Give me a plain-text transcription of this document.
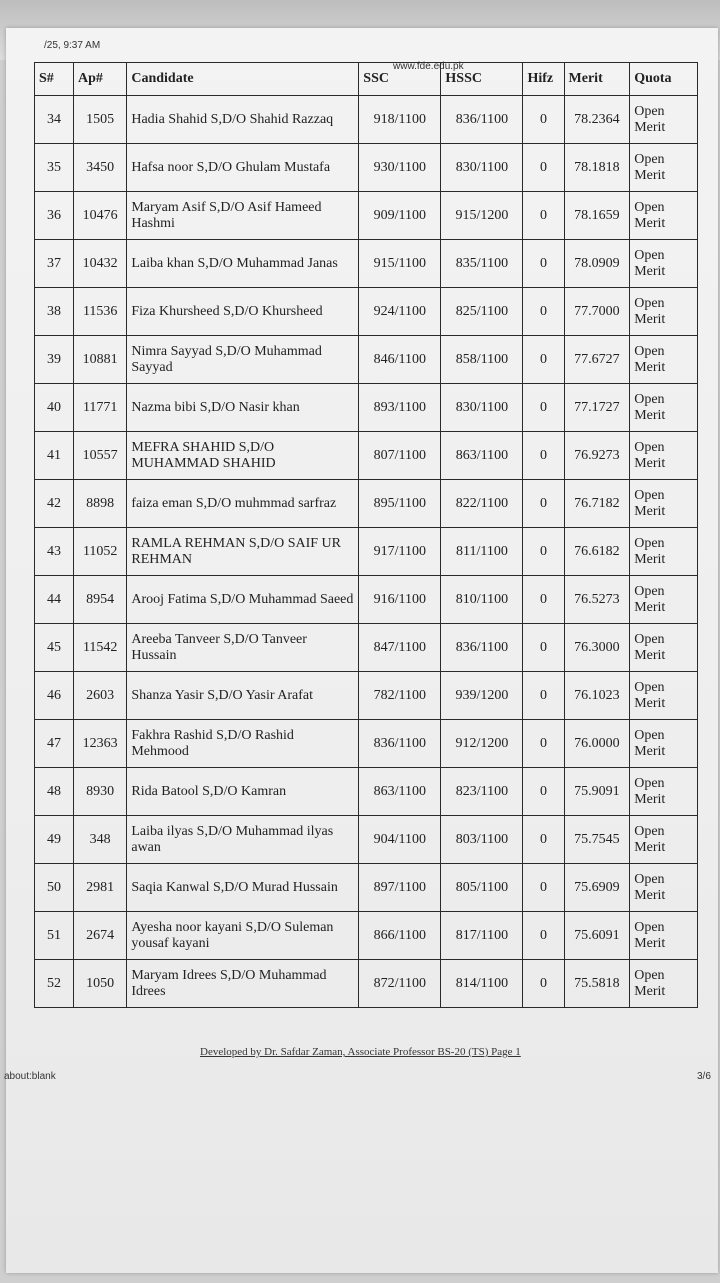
/25, 9:37 AM
www.fde.edu.pk
S#	Ap#	Candidate	SSC	HSSC	Hifz	Merit	Quota
34	1505	Hadia Shahid S,D/O Shahid Razzaq	918/1100	836/1100	0	78.2364	Open Merit
35	3450	Hafsa noor S,D/O Ghulam Mustafa	930/1100	830/1100	0	78.1818	Open Merit
36	10476	Maryam Asif S,D/O Asif Hameed Hashmi	909/1100	915/1200	0	78.1659	Open Merit
37	10432	Laiba khan S,D/O Muhammad Janas	915/1100	835/1100	0	78.0909	Open Merit
38	11536	Fiza Khursheed S,D/O Khursheed	924/1100	825/1100	0	77.7000	Open Merit
39	10881	Nimra Sayyad S,D/O Muhammad Sayyad	846/1100	858/1100	0	77.6727	Open Merit
40	11771	Nazma bibi S,D/O Nasir khan	893/1100	830/1100	0	77.1727	Open Merit
41	10557	MEFRA SHAHID S,D/O MUHAMMAD SHAHID	807/1100	863/1100	0	76.9273	Open Merit
42	8898	faiza eman S,D/O muhmmad sarfraz	895/1100	822/1100	0	76.7182	Open Merit
43	11052	RAMLA REHMAN S,D/O SAIF UR REHMAN	917/1100	811/1100	0	76.6182	Open Merit
44	8954	Arooj Fatima S,D/O Muhammad Saeed	916/1100	810/1100	0	76.5273	Open Merit
45	11542	Areeba Tanveer S,D/O Tanveer Hussain	847/1100	836/1100	0	76.3000	Open Merit
46	2603	Shanza Yasir S,D/O Yasir Arafat	782/1100	939/1200	0	76.1023	Open Merit
47	12363	Fakhra Rashid S,D/O Rashid Mehmood	836/1100	912/1200	0	76.0000	Open Merit
48	8930	Rida Batool S,D/O Kamran	863/1100	823/1100	0	75.9091	Open Merit
49	348	Laiba ilyas S,D/O Muhammad ilyas awan	904/1100	803/1100	0	75.7545	Open Merit
50	2981	Saqia Kanwal S,D/O Murad Hussain	897/1100	805/1100	0	75.6909	Open Merit
51	2674	Ayesha noor kayani S,D/O Suleman yousaf kayani	866/1100	817/1100	0	75.6091	Open Merit
52	1050	Maryam Idrees S,D/O Muhammad Idrees	872/1100	814/1100	0	75.5818	Open Merit
Developed by Dr. Safdar Zaman, Associate Professor BS-20 (TS) Page 1
about:blank	3/6
